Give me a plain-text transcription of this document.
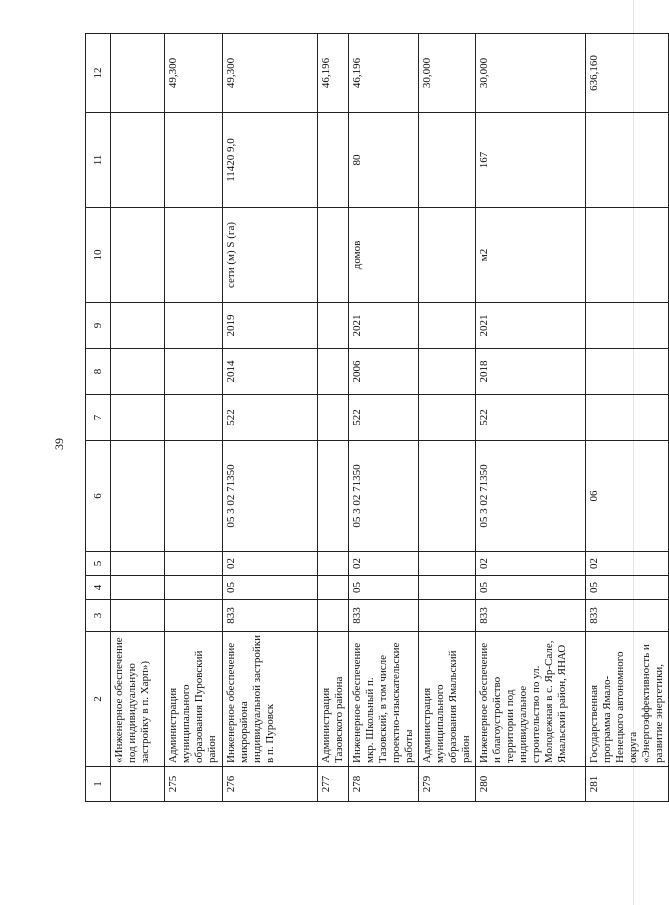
39
1	2	3	4	5	6	7	8	9	10	11	12
	«Инженерное обеспечение под индивидуальную застройку в п. Харп»)										
275	Администрация муниципального образования Пуровский район										49,300
276	Инженерное обеспечение микрорайона индивидуальной застройки в п. Пуровск	833	05	02	05 3 02 71350	522	2014	2019	сети (м) S (га)	11420 9,0	49,300
277	Администрация Тазовского района										46,196
278	Инженерное обеспечение мкр. Школьный п. Тазовский, в том числе проектно-изыскательские работы	833	05	02	05 3 02 71350	522	2006	2021	домов	80	46,196
279	Администрация муниципального образования Ямальский район										30,000
280	Инженерное обеспечение и благоустройство территории под индивидуальное строительство по ул. Молодежная в с. Яр-Сале, Ямальский район, ЯНАО	833	05	02	05 3 02 71350	522	2018	2021	м2	167	30,000
281	Государственная программа Ямало-Ненецкого автономного округа «Энергоэффективность и развитие энергетики,	833	05	02	06						636,160
